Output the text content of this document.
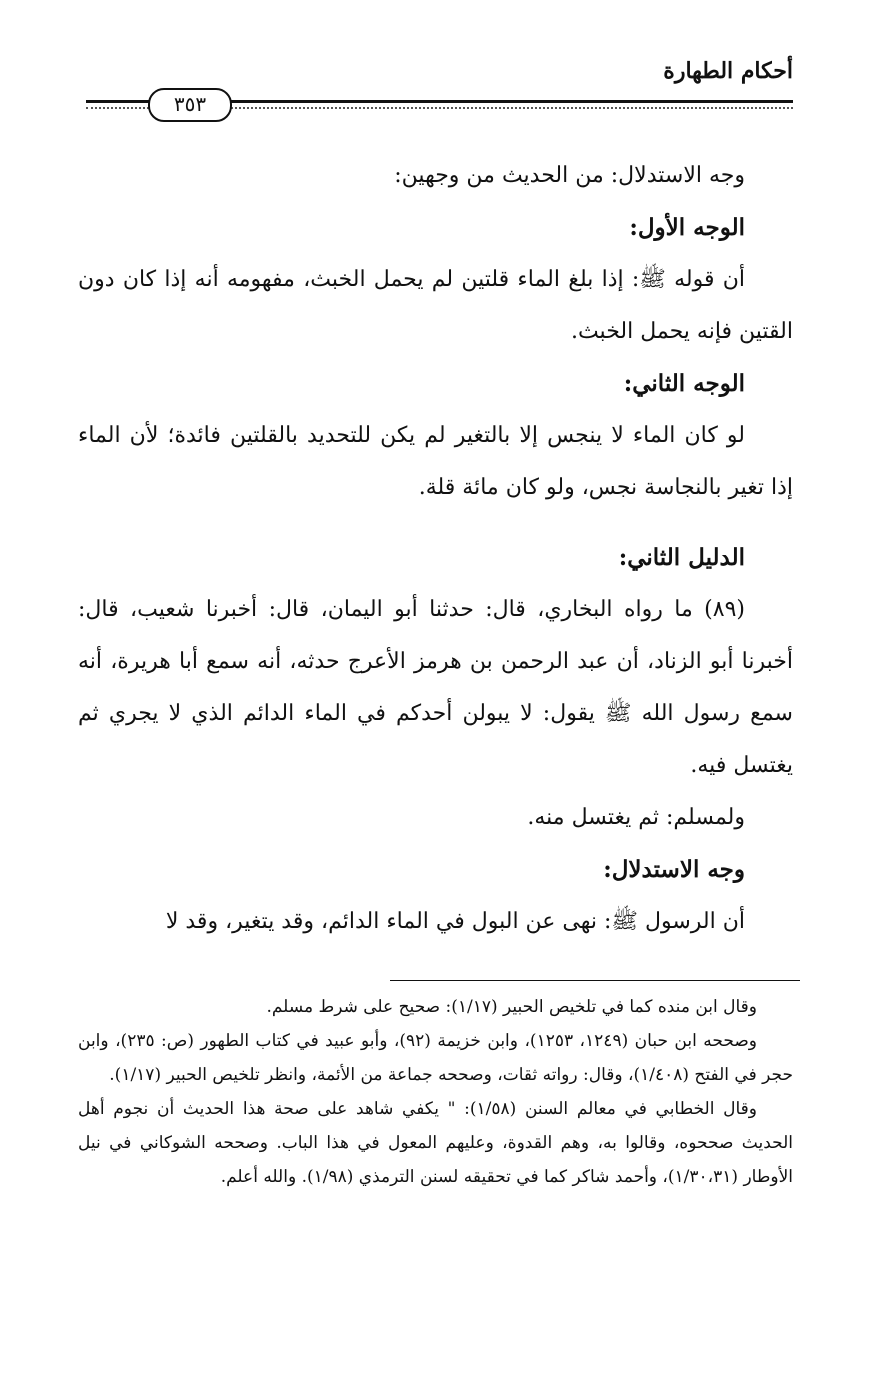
أحكام الطهارة
٣٥٣

وجه الاستدلال: من الحديث من وجهين:

الوجه الأول:

أن قوله ﷺ: إذا بلغ الماء قلتين لم يحمل الخبث، مفهومه أنه إذا كان دون القتين فإنه يحمل الخبث.

الوجه الثاني:

لو كان الماء لا ينجس إلا بالتغير لم يكن للتحديد بالقلتين فائدة؛ لأن الماء إذا تغير بالنجاسة نجس، ولو كان مائة قلة.

الدليل الثاني:

(٨٩) ما رواه البخاري، قال: حدثنا أبو اليمان، قال: أخبرنا شعيب، قال: أخبرنا أبو الزناد، أن عبد الرحمن بن هرمز الأعرج حدثه، أنه سمع أبا هريرة، أنه سمع رسول الله ﷺ يقول: لا يبولن أحدكم في الماء الدائم الذي لا يجري ثم يغتسل فيه.

ولمسلم: ثم يغتسل منه.

وجه الاستدلال:

أن الرسول ﷺ: نهى عن البول في الماء الدائم، وقد يتغير، وقد لا

وقال ابن منده كما في تلخيص الحبير (١/١٧): صحيح على شرط مسلم.

وصححه ابن حبان (١٢٤٩، ١٢٥٣)، وابن خزيمة (٩٢)، وأبو عبيد في كتاب الطهور (ص: ٢٣٥)، وابن حجر في الفتح (١/٤٠٨)، وقال: رواته ثقات، وصححه جماعة من الأئمة، وانظر تلخيص الحبير (١/١٧).

وقال الخطابي في معالم السنن (١/٥٨): " يكفي شاهد على صحة هذا الحديث أن نجوم أهل الحديث صححوه، وقالوا به، وهم القدوة، وعليهم المعول في هذا الباب. وصححه الشوكاني في نيل الأوطار (١/٣٠،٣١)، وأحمد شاكر كما في تحقيقه لسنن الترمذي (١/٩٨). والله أعلم.
